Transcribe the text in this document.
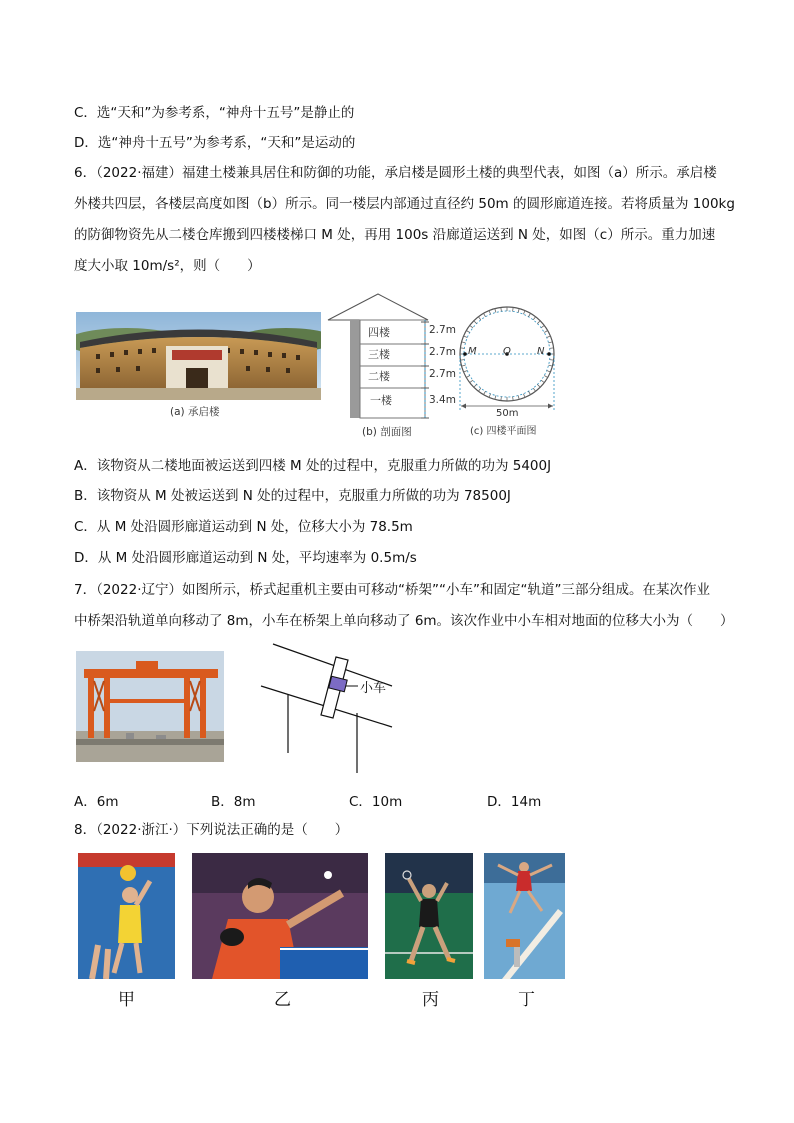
C．选“天和”为参考系，“神舟十五号”是静止的
D．选“神舟十五号”为参考系，“天和”是运动的
6．（2022·福建）福建土楼兼具居住和防御的功能，承启楼是圆形土楼的典型代表，如图（a）所示。承启楼
外楼共四层，各楼层高度如图（b）所示。同一楼层内部通过直径约 50m 的圆形廊道连接。若将质量为 100kg
的防御物资先从二楼仓库搬到四楼楼梯口 M 处，再用 100s 沿廊道运送到 N 处，如图（c）所示。重力加速
度大小取 10m/s²，则（　　）
(a) 承启楼
四楼
三楼
二楼
一楼
2.7m
2.7m
2.7m
3.4m
(b) 剖面图
M	O	N
50m
(c) 四楼平面图
A．该物资从二楼地面被运送到四楼 M 处的过程中，克服重力所做的功为 5400J
B．该物资从 M 处被运送到 N 处的过程中，克服重力所做的功为 78500J
C．从 M 处沿圆形廊道运动到 N 处，位移大小为 78.5m
D．从 M 处沿圆形廊道运动到 N 处，平均速率为 0.5m/s
7．（2022·辽宁）如图所示，桥式起重机主要由可移动“桥架”“小车”和固定“轨道”三部分组成。在某次作业
中桥架沿轨道单向移动了 8m，小车在桥架上单向移动了 6m。该次作业中小车相对地面的位移大小为（　　）
小车
A．6m	B．8m	C．10m	D．14m
8．（2022·浙江·）下列说法正确的是（　　）
甲	乙	丙	丁
